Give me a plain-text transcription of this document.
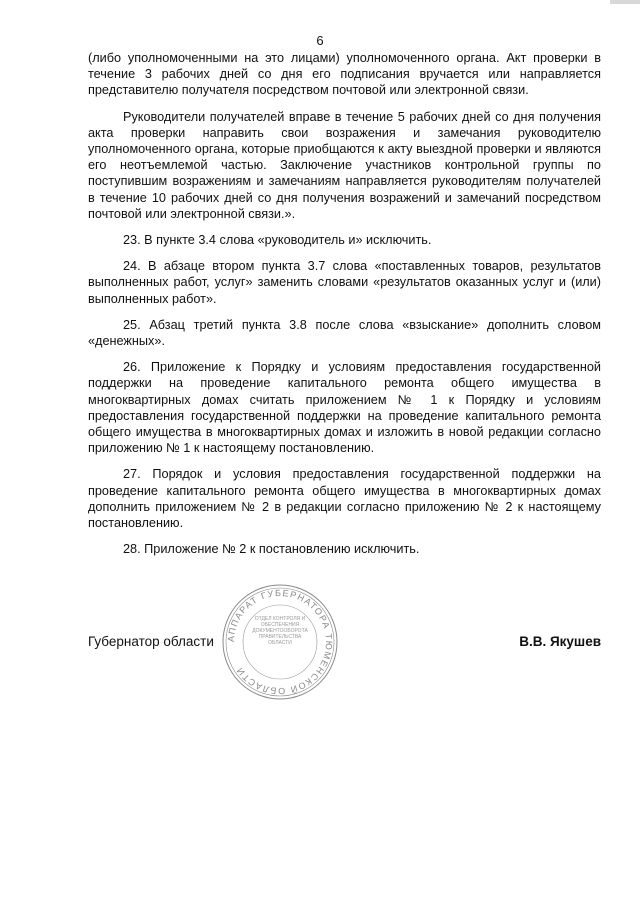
6

(либо уполномоченными на это лицами) уполномоченного органа. Акт проверки в течение 3 рабочих дней со дня его подписания вручается или направляется представителю получателя посредством почтовой или электронной связи.

Руководители получателей вправе в течение 5 рабочих дней со дня получения акта проверки направить свои возражения и замечания руководителю уполномоченного органа, которые приобщаются к акту выездной проверки и являются его неотъемлемой частью. Заключение участников контрольной группы по поступившим возражениям и замечаниям направляется руководителям получателей в течение 10 рабочих дней со дня получения возражений и замечаний посредством почтовой или электронной связи.».

23. В пункте 3.4 слова «руководитель и» исключить.

24. В абзаце втором пункта 3.7 слова «поставленных товаров, результатов выполненных работ, услуг» заменить словами «результатов оказанных услуг и (или) выполненных работ».

25. Абзац третий пункта 3.8 после слова «взыскание» дополнить словом «денежных».

26. Приложение к Порядку и условиям предоставления государственной поддержки на проведение капитального ремонта общего имущества в многоквартирных домах считать приложением № 1 к Порядку и условиям предоставления государственной поддержки на проведение капитального ремонта общего имущества в многоквартирных домах и изложить в новой редакции согласно приложению № 1 к настоящему постановлению.

27. Порядок и условия предоставления государственной поддержки на проведение капитального ремонта общего имущества в многоквартирных домах дополнить приложением № 2 в редакции согласно приложению № 2 к настоящему постановлению.

28. Приложение № 2 к постановлению исключить.

Губернатор области	В.В. Якушев
АППАРАТ ГУБЕРНАТОРА ТЮМЕНСКОЙ ОБЛАСТИ
ОТДЕЛ КОНТРОЛЯ И ОБЕСПЕЧЕНИЯ ДОКУМЕНТООБОРОТА ПРАВИТЕЛЬСТВА ОБЛАСТИ
